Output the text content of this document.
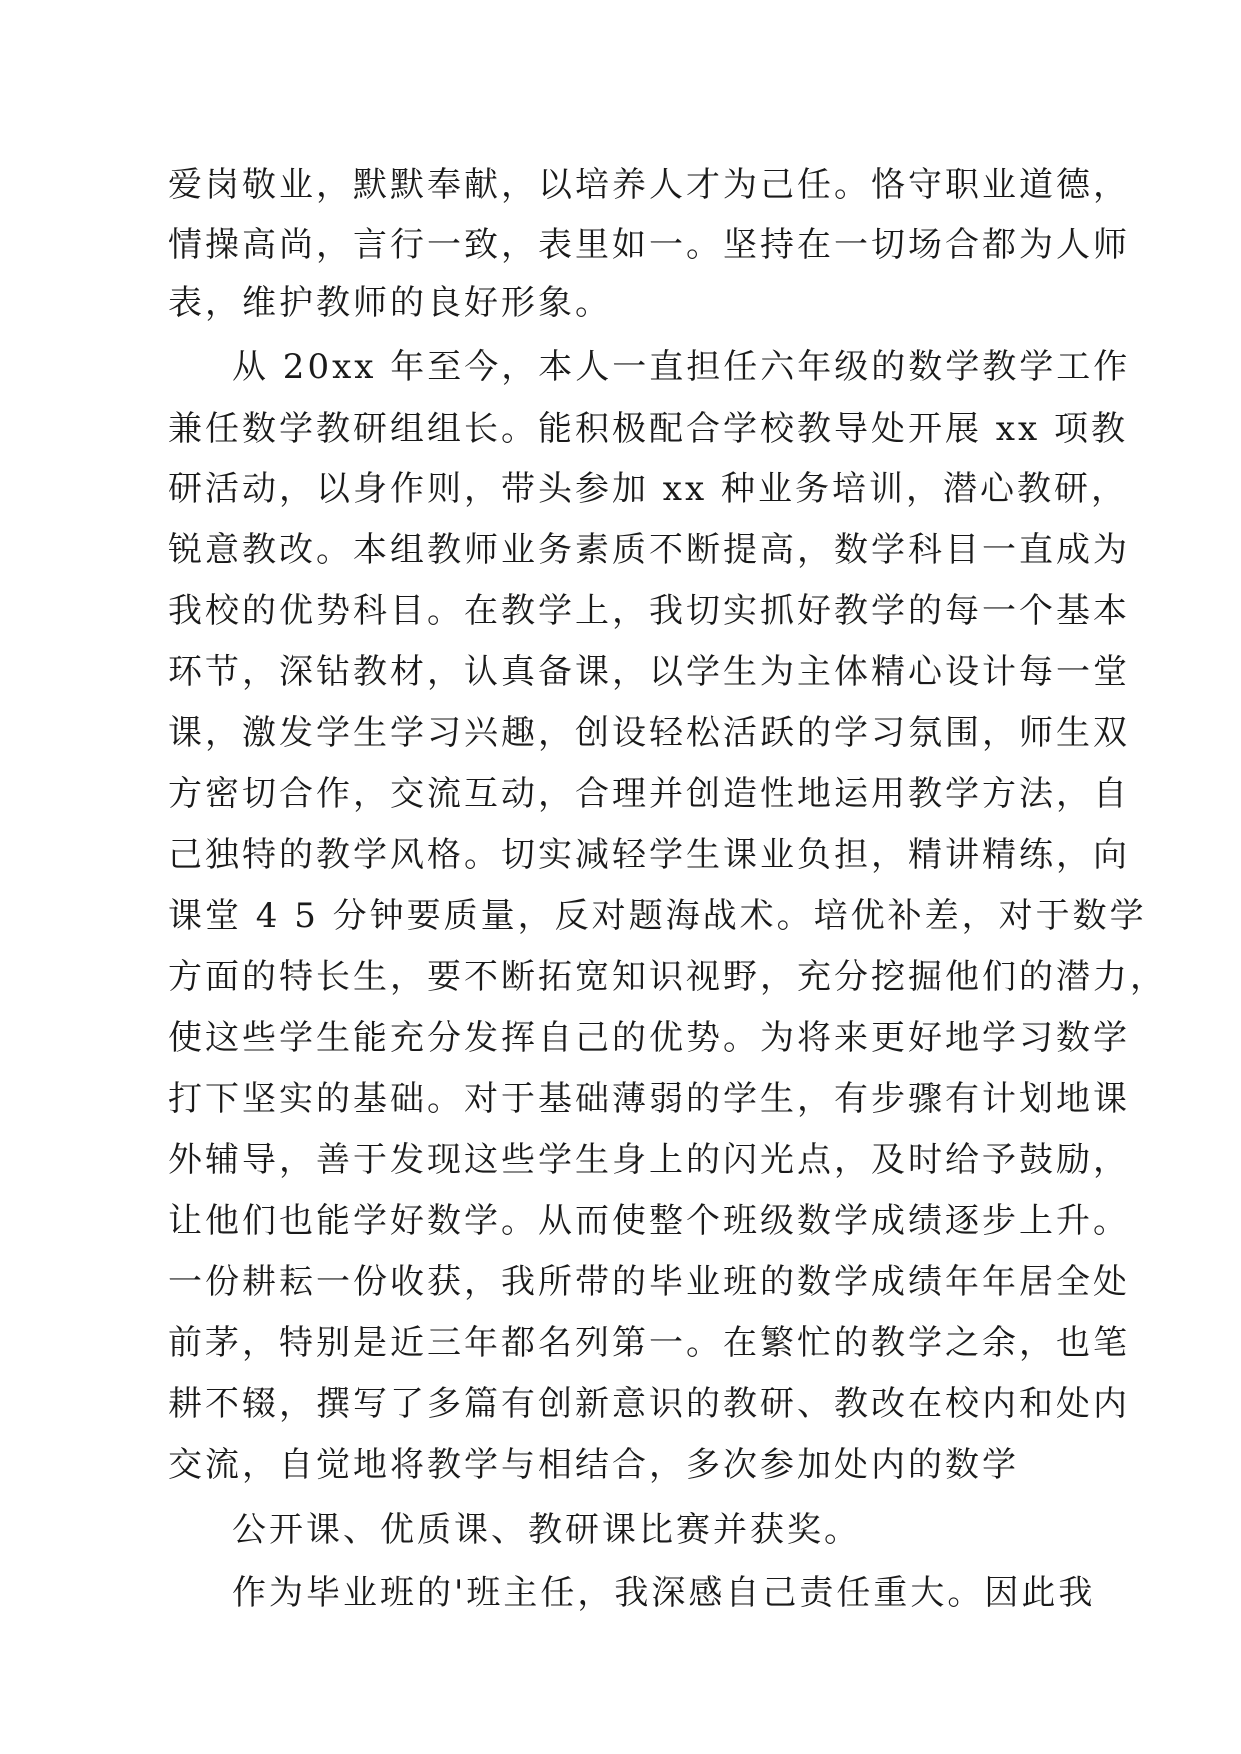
爱岗敬业，默默奉献，以培养人才为己任。恪守职业道德，
情操高尚，言行一致，表里如一。坚持在一切场合都为人师
表，维护教师的良好形象。
从 20xx 年至今，本人一直担任六年级的数学教学工作
兼任数学教研组组长。能积极配合学校教导处开展 xx 项教
研活动，以身作则，带头参加 xx 种业务培训，潜心教研，
锐意教改。本组教师业务素质不断提高，数学科目一直成为
我校的优势科目。在教学上，我切实抓好教学的每一个基本
环节，深钻教材，认真备课，以学生为主体精心设计每一堂
课，激发学生学习兴趣，创设轻松活跃的学习氛围，师生双
方密切合作，交流互动，合理并创造性地运用教学方法，自
己独特的教学风格。切实减轻学生课业负担，精讲精练，向
课堂 4 5 分钟要质量，反对题海战术。培优补差，对于数学
方面的特长生，要不断拓宽知识视野，充分挖掘他们的潜力，
使这些学生能充分发挥自己的优势。为将来更好地学习数学
打下坚实的基础。对于基础薄弱的学生，有步骤有计划地课
外辅导，善于发现这些学生身上的闪光点，及时给予鼓励，
让他们也能学好数学。从而使整个班级数学成绩逐步上升。
一份耕耘一份收获，我所带的毕业班的数学成绩年年居全处
前茅，特别是近三年都名列第一。在繁忙的教学之余，也笔
耕不辍，撰写了多篇有创新意识的教研、教改在校内和处内
交流，自觉地将教学与相结合，多次参加处内的数学
公开课、优质课、教研课比赛并获奖。
作为毕业班的'班主任，我深感自己责任重大。因此我
